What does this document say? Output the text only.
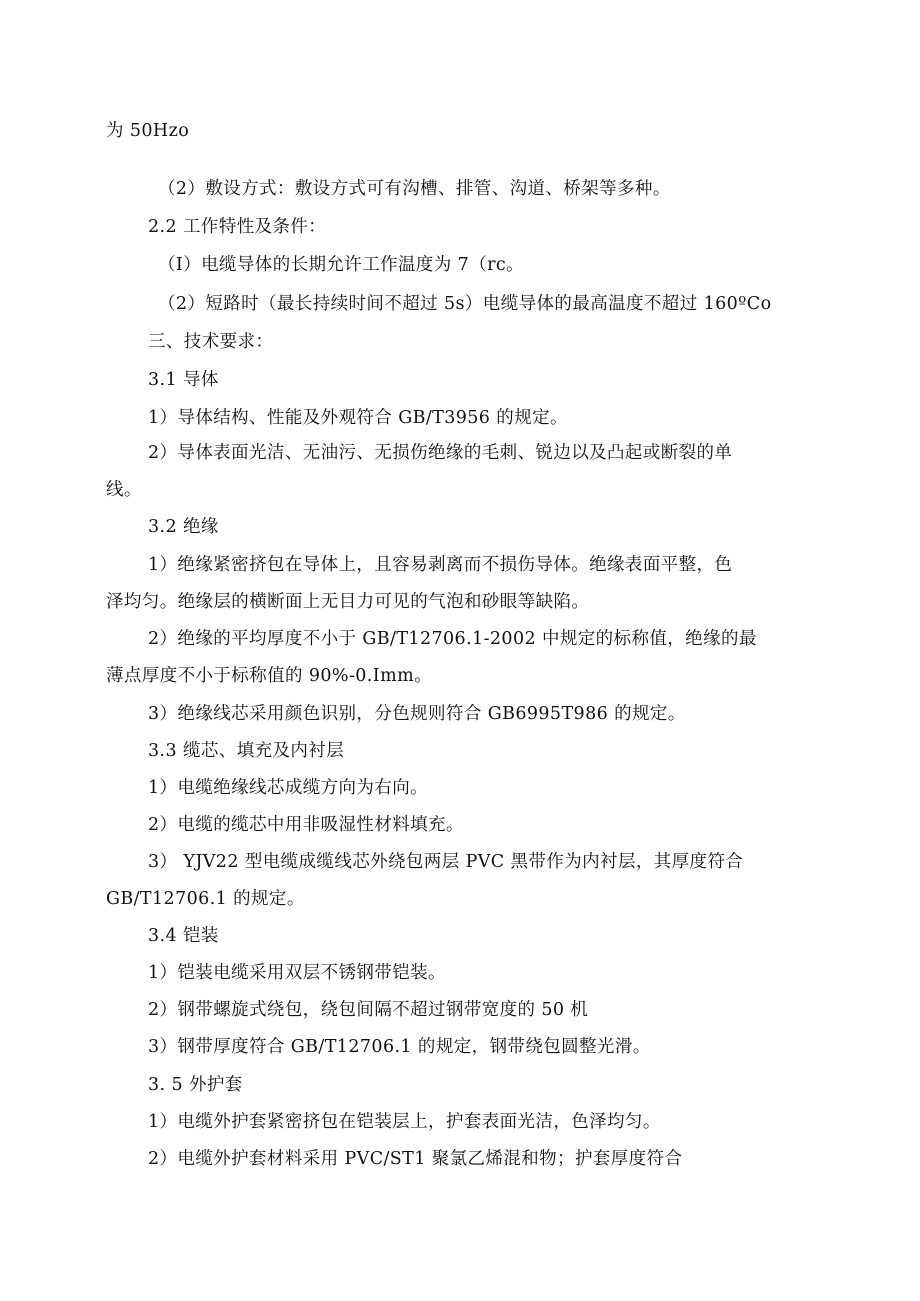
为 50Hzo
（2）敷设方式：敷设方式可有沟槽、排管、沟道、桥架等多种。
2.2 工作特性及条件：
（I）电缆导体的长期允许工作温度为 7（rc。
（2）短路时（最长持续时间不超过 5s）电缆导体的最高温度不超过 160ºCo
三、技术要求：
3.1 导体
1）导体结构、性能及外观符合 GB/T3956 的规定。
2）导体表面光洁、无油污、无损伤绝缘的毛刺、锐边以及凸起或断裂的单
线。
3.2 绝缘
1）绝缘紧密挤包在导体上，且容易剥离而不损伤导体。绝缘表面平整，色
泽均匀。绝缘层的横断面上无目力可见的气泡和砂眼等缺陷。
2）绝缘的平均厚度不小于 GB/T12706.1-2002 中规定的标称值，绝缘的最
薄点厚度不小于标称值的 90%-0.Imm。
3）绝缘线芯采用颜色识别，分色规则符合 GB6995T986 的规定。
3.3 缆芯、填充及内衬层
1）电缆绝缘线芯成缆方向为右向。
2）电缆的缆芯中用非吸湿性材料填充。
3） YJV22 型电缆成缆线芯外绕包两层 PVC 黑带作为内衬层，其厚度符合
GB/T12706.1 的规定。
3.4 铠装
1）铠装电缆采用双层不锈钢带铠装。
2）钢带螺旋式绕包，绕包间隔不超过钢带宽度的 50 机
3）钢带厚度符合 GB/T12706.1 的规定，钢带绕包圆整光滑。
3. 5 外护套
1）电缆外护套紧密挤包在铠装层上，护套表面光洁，色泽均匀。
2）电缆外护套材料采用 PVC/ST1 聚氯乙烯混和物；护套厚度符合
